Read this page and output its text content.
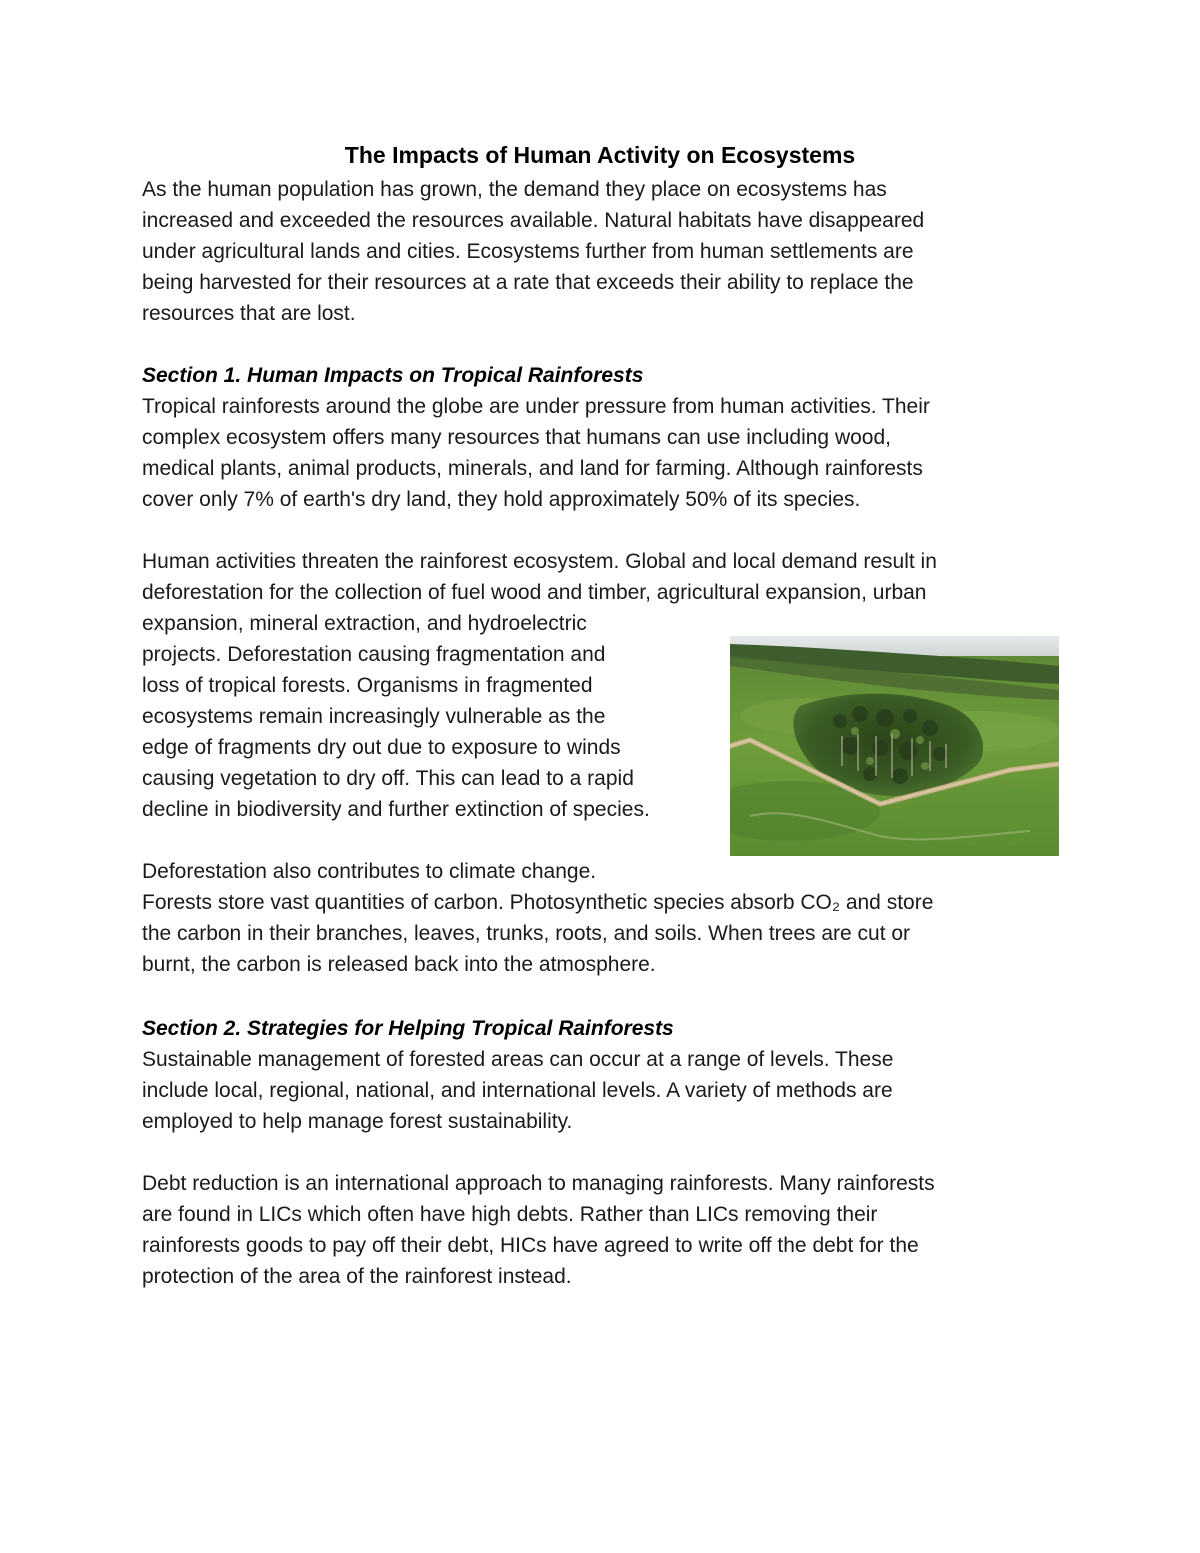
The Impacts of Human Activity on Ecosystems
As the human population has grown, the demand they place on ecosystems has
increased and exceeded the resources available. Natural habitats have disappeared
under agricultural lands and cities. Ecosystems further from human settlements are
being harvested for their resources at a rate that exceeds their ability to replace the
resources that are lost.
Section 1. Human Impacts on Tropical Rainforests
Tropical rainforests around the globe are under pressure from human activities. Their
complex ecosystem offers many resources that humans can use including wood,
medical plants, animal products, minerals, and land for farming. Although rainforests
cover only 7% of earth's dry land, they hold approximately 50% of its species.
Human activities threaten the rainforest ecosystem. Global and local demand result in
deforestation for the collection of fuel wood and timber, agricultural expansion, urban
expansion, mineral extraction, and hydroelectric
projects. Deforestation causing fragmentation and
loss of tropical forests. Organisms in fragmented
ecosystems remain increasingly vulnerable as the
edge of fragments dry out due to exposure to winds
causing vegetation to dry off. This can lead to a rapid
decline in biodiversity and further extinction of species.
Deforestation also contributes to climate change.
Forests store vast quantities of carbon. Photosynthetic species absorb CO₂ and store
the carbon in their branches, leaves, trunks, roots, and soils. When trees are cut or
burnt, the carbon is released back into the atmosphere.
Section 2. Strategies for Helping Tropical Rainforests
Sustainable management of forested areas can occur at a range of levels. These
include local, regional, national, and international levels. A variety of methods are
employed to help manage forest sustainability.
Debt reduction is an international approach to managing rainforests. Many rainforests
are found in LICs which often have high debts. Rather than LICs removing their
rainforests goods to pay off their debt, HICs have agreed to write off the debt for the
protection of the area of the rainforest instead.
